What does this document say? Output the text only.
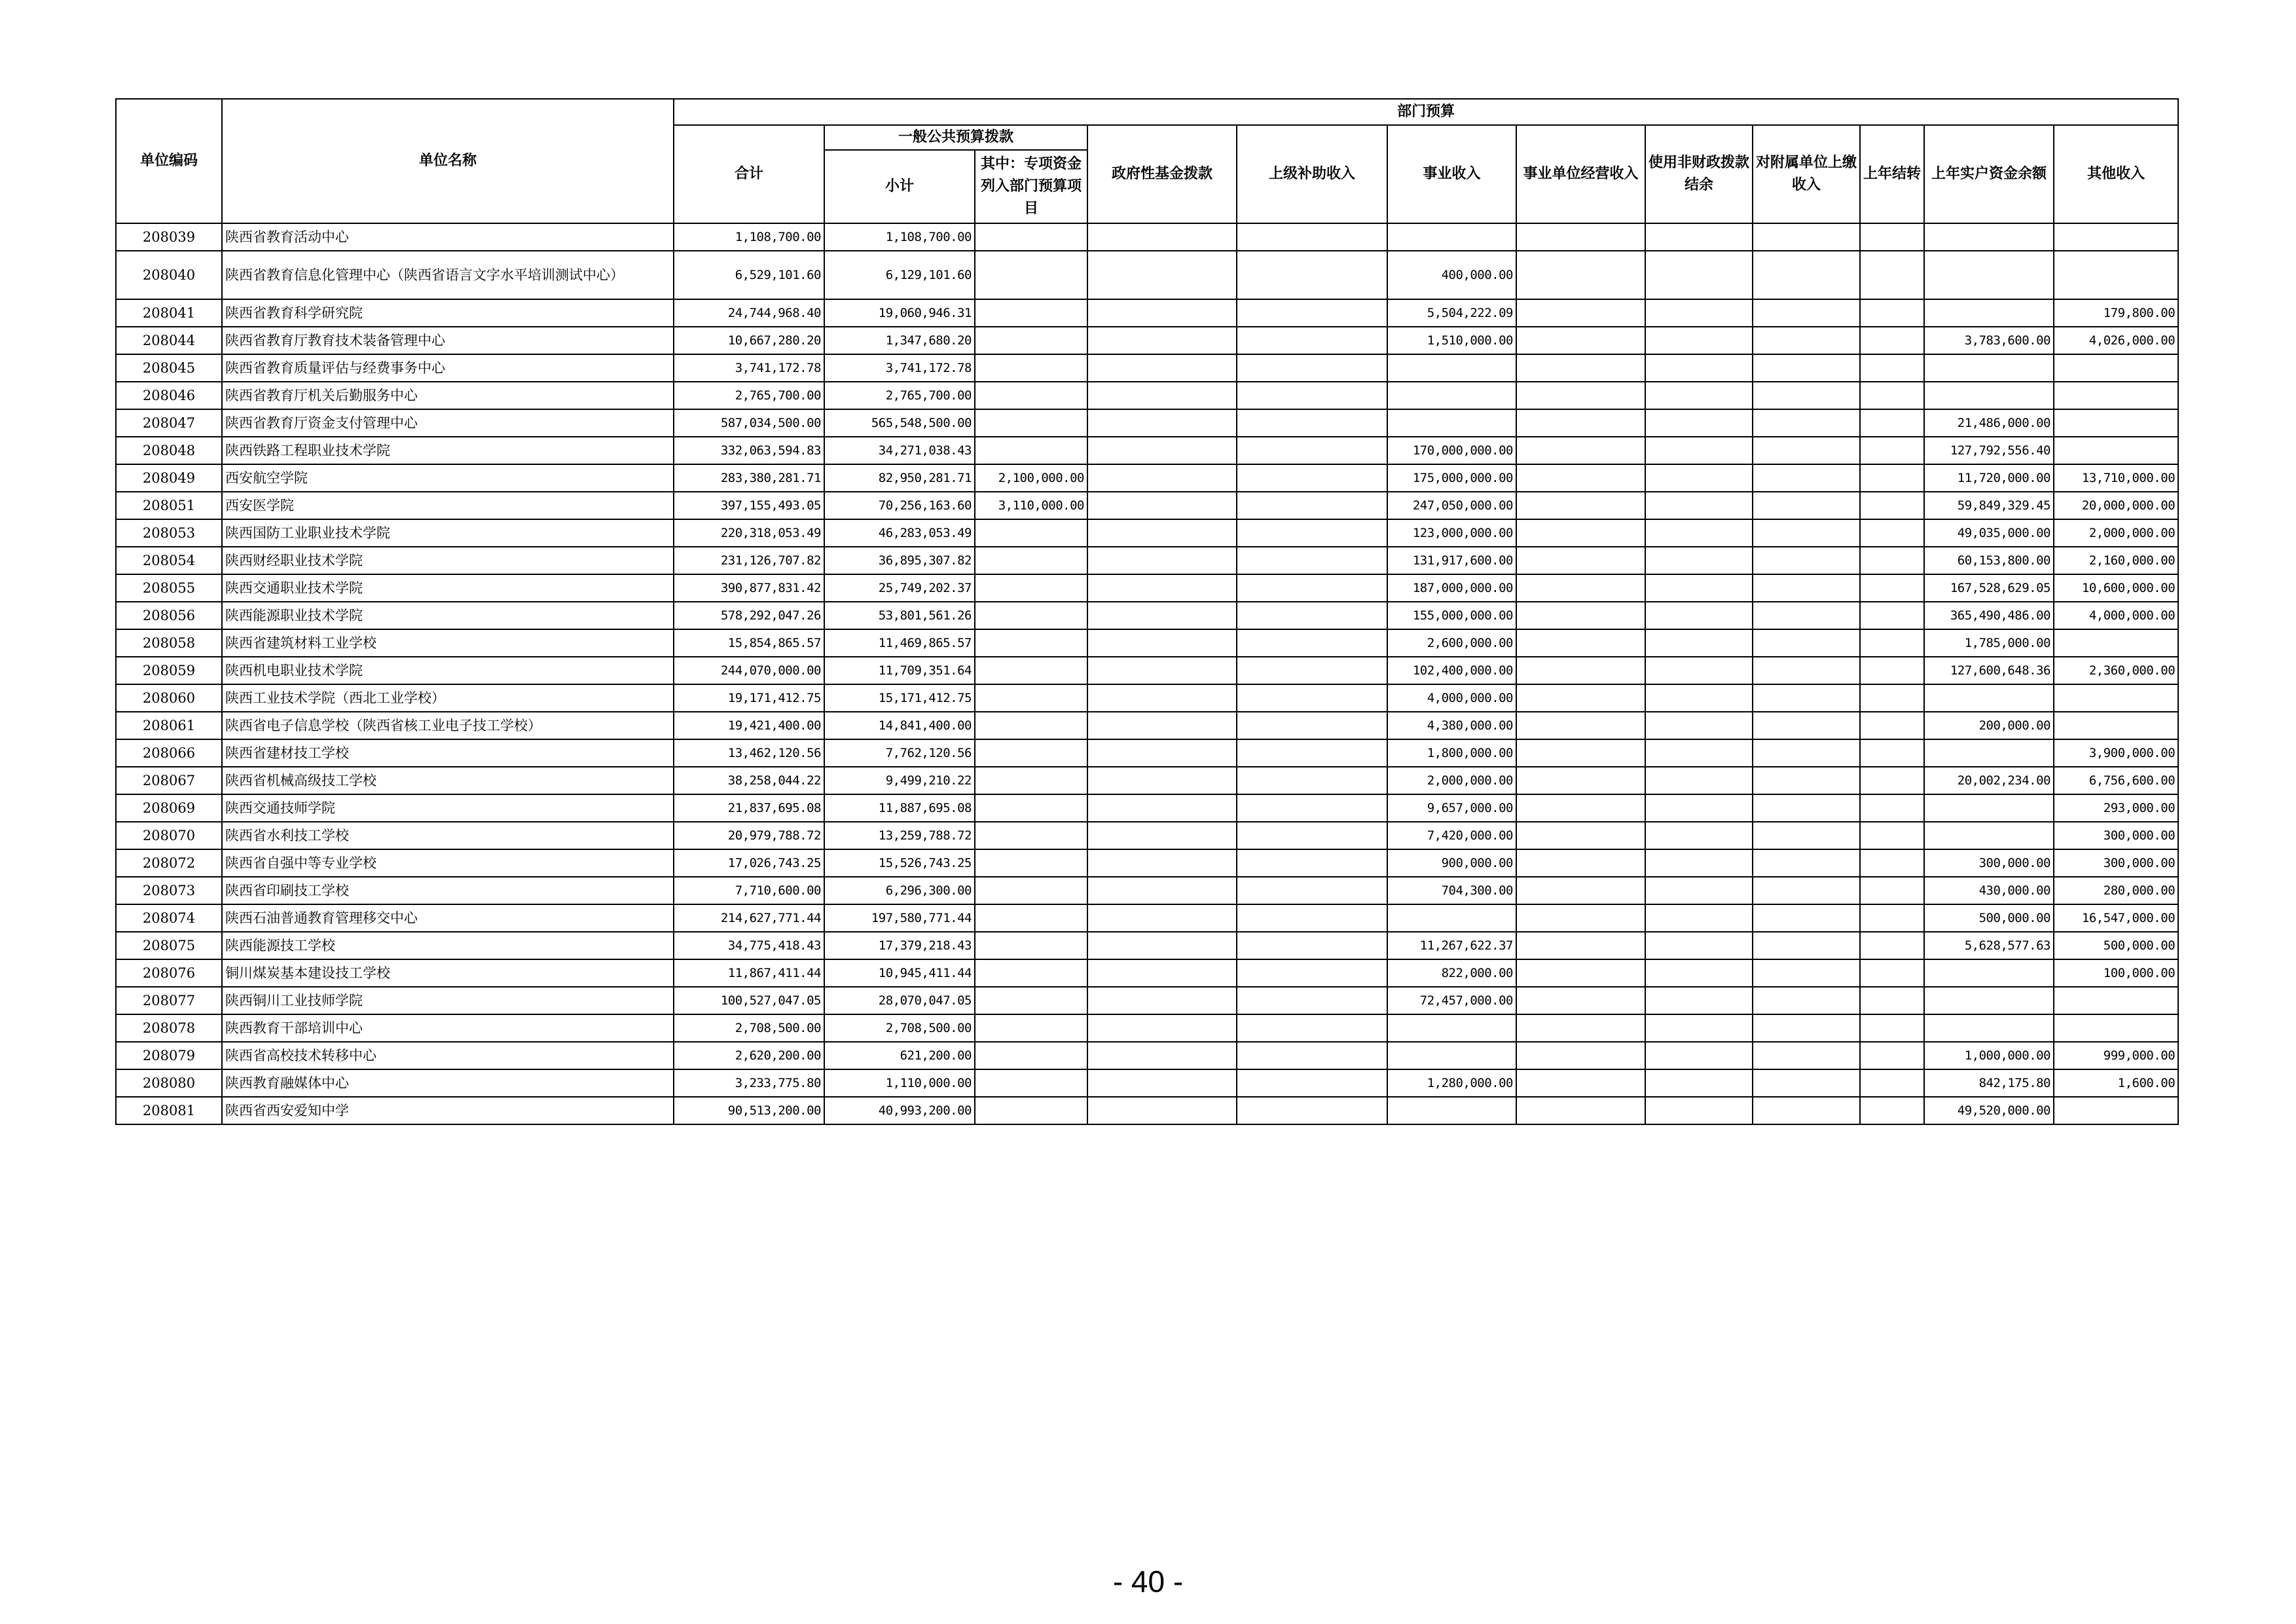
单位编码	单位名称	部门预算											
		合计	一般公共预算拨款		政府性基金拨款	上级补助收入	事业收入	事业单位经营收入	使用非财政拨款结余	对附属单位上缴收入	上年结转	上年实户资金余额	其他收入
			小计	其中：专项资金列入部门预算项目									
208039	陕西省教育活动中心	1,108,700.00	1,108,700.00										
208040	陕西省教育信息化管理中心（陕西省语言文字水平培训测试中心）	6,529,101.60	6,129,101.60				400,000.00						
208041	陕西省教育科学研究院	24,744,968.40	19,060,946.31				5,504,222.09						179,800.00
208044	陕西省教育厅教育技术装备管理中心	10,667,280.20	1,347,680.20				1,510,000.00					3,783,600.00	4,026,000.00
208045	陕西省教育质量评估与经费事务中心	3,741,172.78	3,741,172.78										
208046	陕西省教育厅机关后勤服务中心	2,765,700.00	2,765,700.00										
208047	陕西省教育厅资金支付管理中心	587,034,500.00	565,548,500.00									21,486,000.00	
208048	陕西铁路工程职业技术学院	332,063,594.83	34,271,038.43				170,000,000.00					127,792,556.40	
208049	西安航空学院	283,380,281.71	82,950,281.71	2,100,000.00			175,000,000.00					11,720,000.00	13,710,000.00
208051	西安医学院	397,155,493.05	70,256,163.60	3,110,000.00			247,050,000.00					59,849,329.45	20,000,000.00
208053	陕西国防工业职业技术学院	220,318,053.49	46,283,053.49				123,000,000.00					49,035,000.00	2,000,000.00
208054	陕西财经职业技术学院	231,126,707.82	36,895,307.82				131,917,600.00					60,153,800.00	2,160,000.00
208055	陕西交通职业技术学院	390,877,831.42	25,749,202.37				187,000,000.00					167,528,629.05	10,600,000.00
208056	陕西能源职业技术学院	578,292,047.26	53,801,561.26				155,000,000.00					365,490,486.00	4,000,000.00
208058	陕西省建筑材料工业学校	15,854,865.57	11,469,865.57				2,600,000.00					1,785,000.00	
208059	陕西机电职业技术学院	244,070,000.00	11,709,351.64				102,400,000.00					127,600,648.36	2,360,000.00
208060	陕西工业技术学院（西北工业学校）	19,171,412.75	15,171,412.75				4,000,000.00						
208061	陕西省电子信息学校（陕西省核工业电子技工学校）	19,421,400.00	14,841,400.00				4,380,000.00					200,000.00	
208066	陕西省建材技工学校	13,462,120.56	7,762,120.56				1,800,000.00						3,900,000.00
208067	陕西省机械高级技工学校	38,258,044.22	9,499,210.22				2,000,000.00					20,002,234.00	6,756,600.00
208069	陕西交通技师学院	21,837,695.08	11,887,695.08				9,657,000.00						293,000.00
208070	陕西省水利技工学校	20,979,788.72	13,259,788.72				7,420,000.00						300,000.00
208072	陕西省自强中等专业学校	17,026,743.25	15,526,743.25				900,000.00					300,000.00	300,000.00
208073	陕西省印刷技工学校	7,710,600.00	6,296,300.00				704,300.00					430,000.00	280,000.00
208074	陕西石油普通教育管理移交中心	214,627,771.44	197,580,771.44									500,000.00	16,547,000.00
208075	陕西能源技工学校	34,775,418.43	17,379,218.43				11,267,622.37					5,628,577.63	500,000.00
208076	铜川煤炭基本建设技工学校	11,867,411.44	10,945,411.44				822,000.00						100,000.00
208077	陕西铜川工业技师学院	100,527,047.05	28,070,047.05				72,457,000.00						
208078	陕西教育干部培训中心	2,708,500.00	2,708,500.00										
208079	陕西省高校技术转移中心	2,620,200.00	621,200.00									1,000,000.00	999,000.00
208080	陕西教育融媒体中心	3,233,775.80	1,110,000.00				1,280,000.00					842,175.80	1,600.00
208081	陕西省西安爱知中学	90,513,200.00	40,993,200.00									49,520,000.00	
- 40 -
